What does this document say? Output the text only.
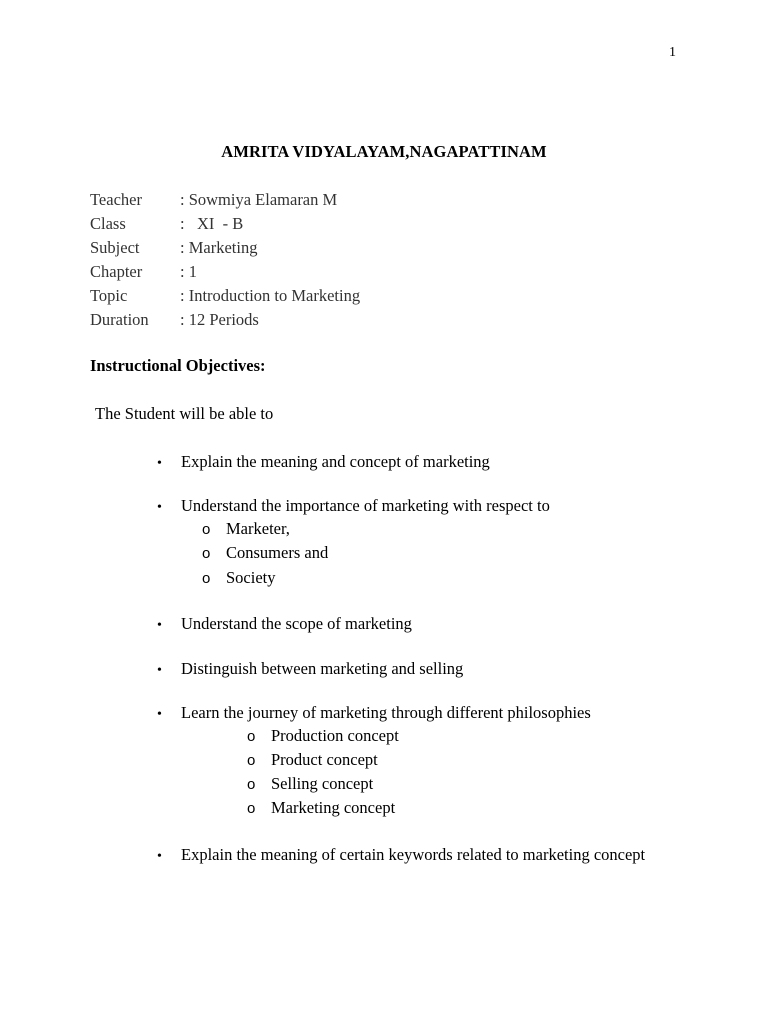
1
AMRITA VIDYALAYAM,NAGAPATTINAM
Teacher	: Sowmiya Elamaran M
Class	:   XI  - B
Subject	: Marketing
Chapter	: 1
Topic	: Introduction to Marketing
Duration	: 12 Periods
Instructional Objectives:
The Student will be able to
•	Explain the meaning and concept of marketing
•	Understand the importance of marketing with respect to
o Marketer,
o Consumers and
o Society
•	Understand the scope of marketing
•	Distinguish between marketing and selling
•	Learn the journey of marketing through different philosophies
o Production concept
o Product concept
o Selling concept
o Marketing concept
•	Explain the meaning of certain keywords related to marketing concept
